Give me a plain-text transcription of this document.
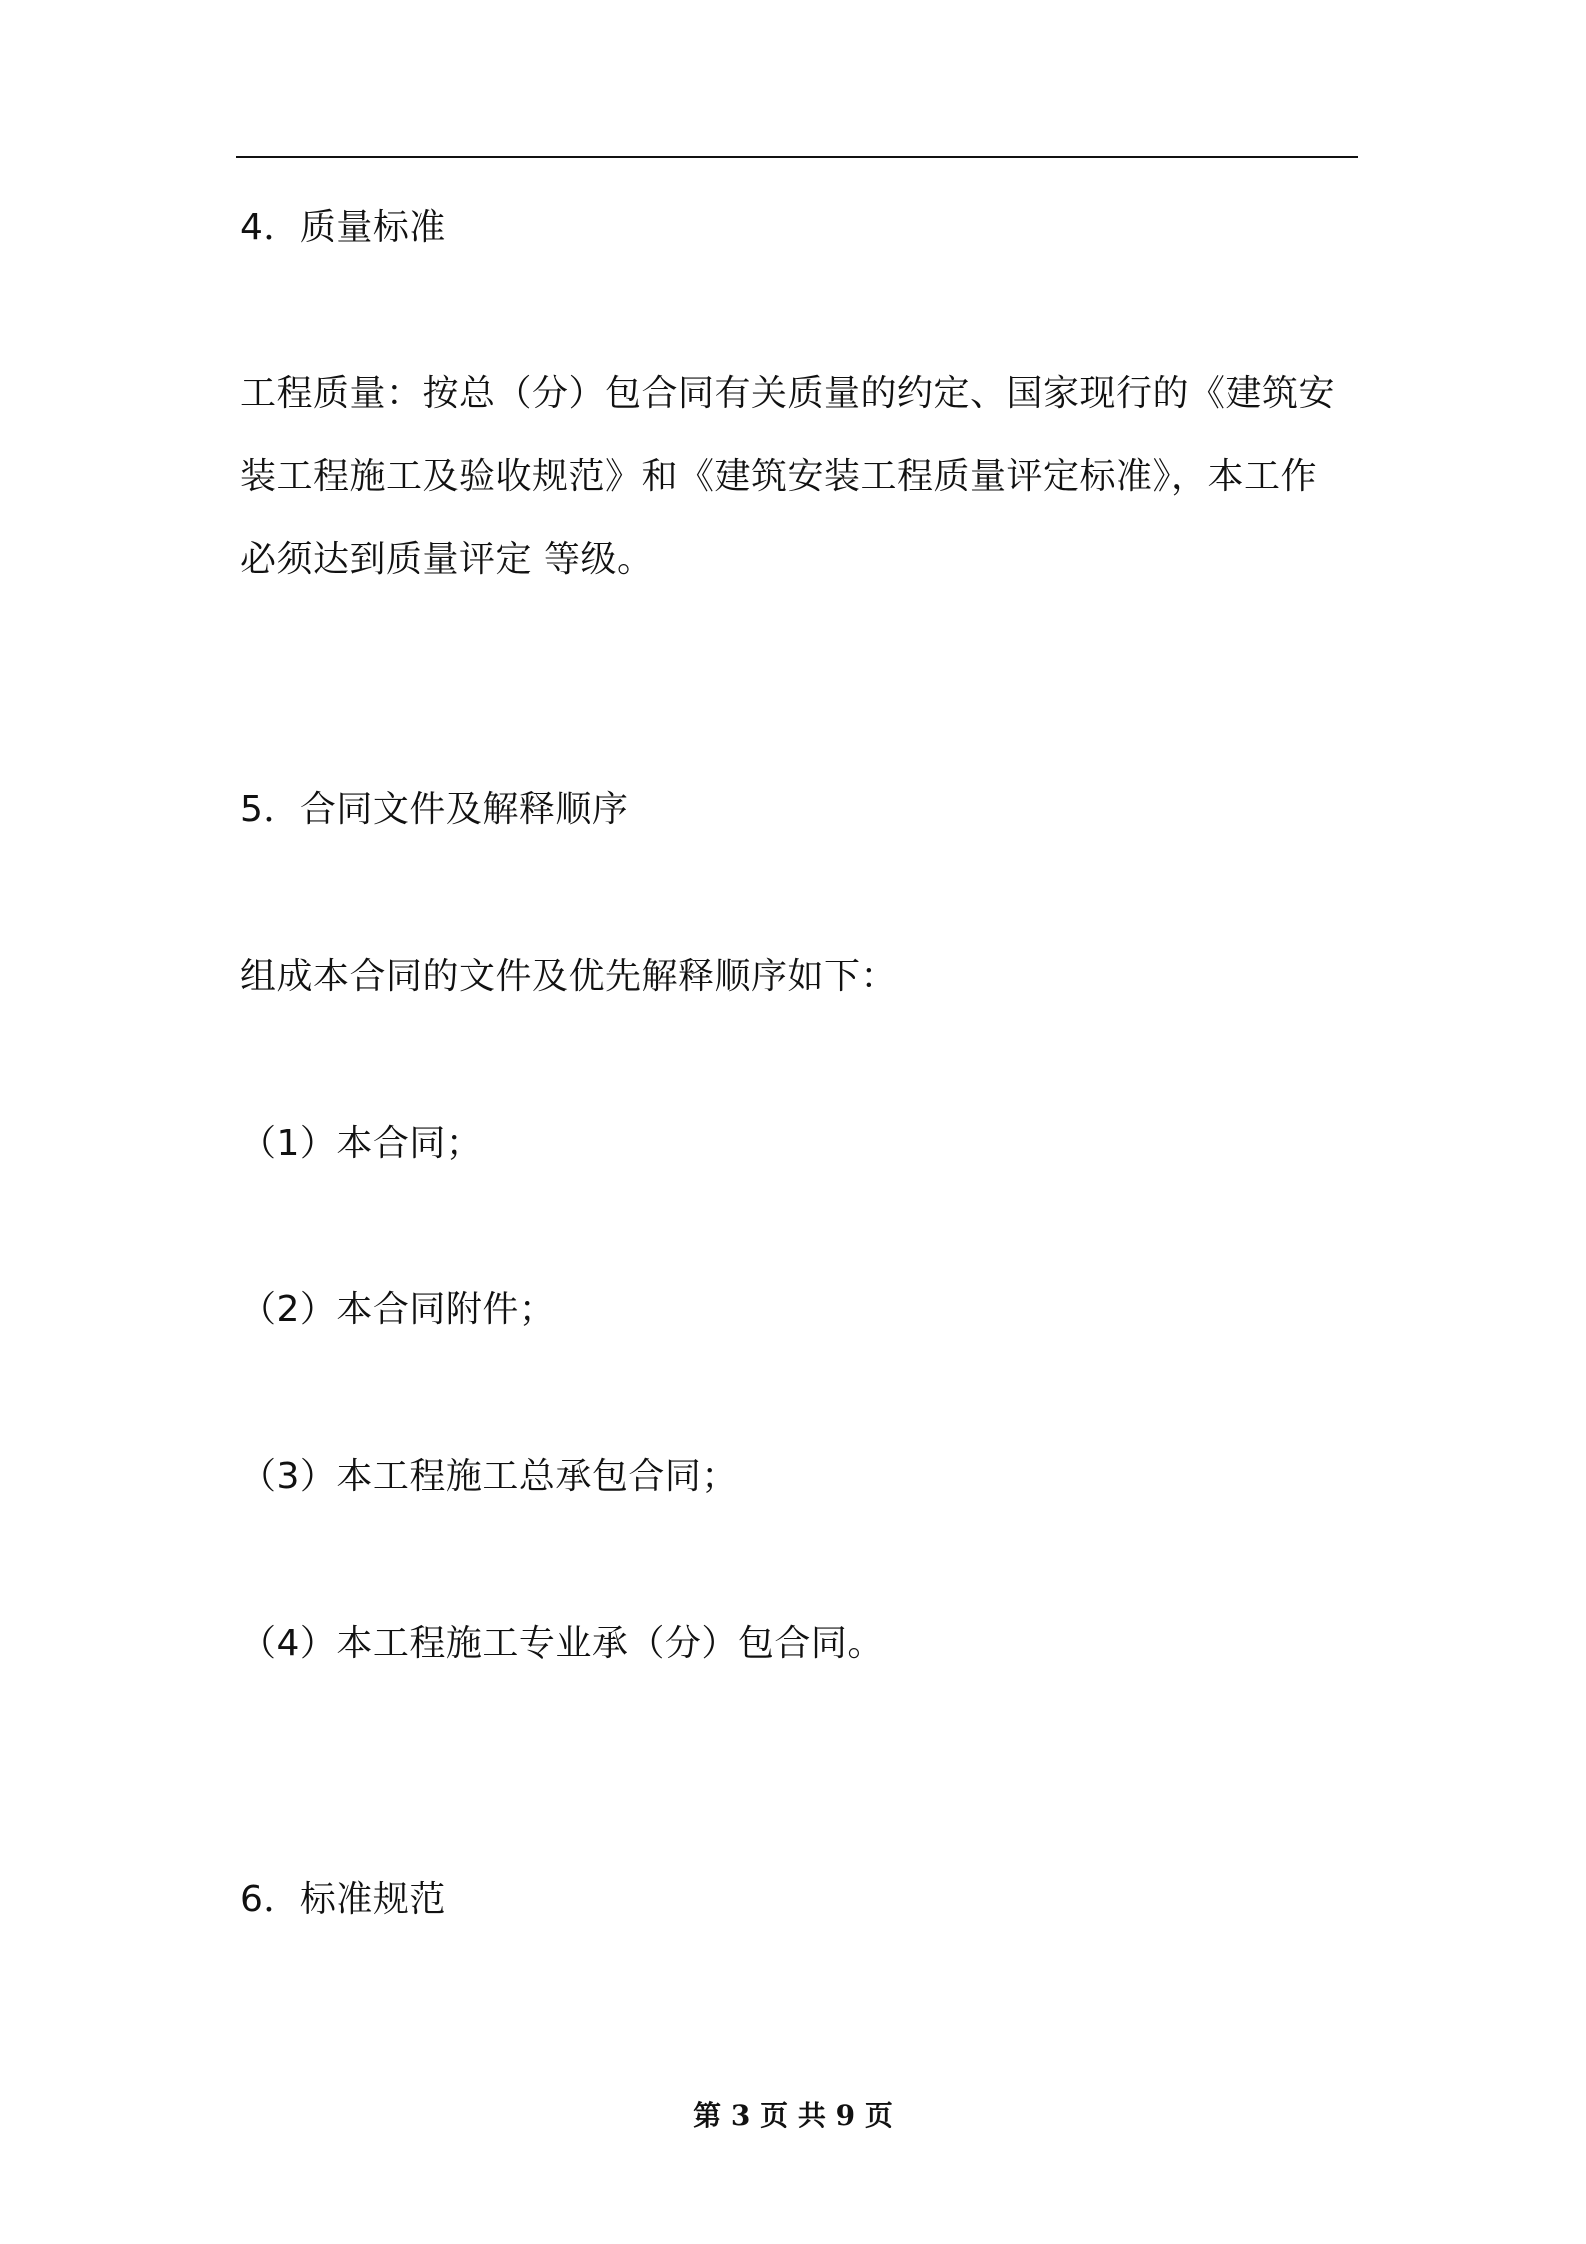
4．质量标准
工程质量：按总（分）包合同有关质量的约定、国家现行的《建筑安
装工程施工及验收规范》和《建筑安装工程质量评定标准》，本工作
必须达到质量评定 等级。
5．合同文件及解释顺序
组成本合同的文件及优先解释顺序如下：
（1）本合同；
（2）本合同附件；
（3）本工程施工总承包合同；
（4）本工程施工专业承（分）包合同。
6．标准规范
第 3 页 共 9 页
